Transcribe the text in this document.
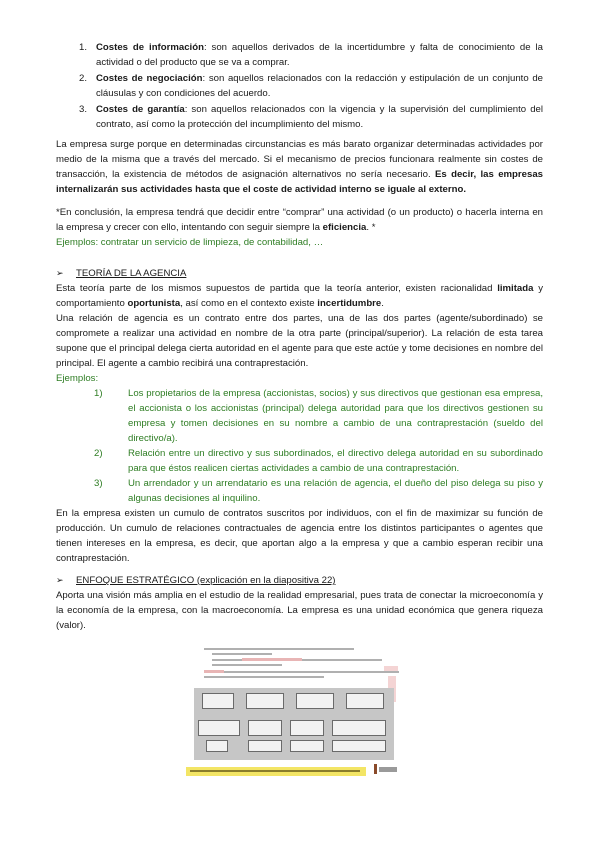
1. Costes de información: son aquellos derivados de la incertidumbre y falta de conocimiento de la actividad o del producto que se va a comprar.

2. Costes de negociación: son aquellos relacionados con la redacción y estipulación de un conjunto de cláusulas y con condiciones del acuerdo.

3. Costes de garantía: son aquellos relacionados con la vigencia y la supervisión del cumplimiento del contrato, así como la protección del incumplimiento del mismo.

La empresa surge porque en determinadas circunstancias es más barato organizar determinadas actividades por medio de la misma que a través del mercado. Si el mecanismo de precios funcionara realmente sin costes de transacción, la existencia de métodos de asignación alternativos no sería necesario. Es decir, las empresas internalizarán sus actividades hasta que el coste de actividad interno se iguale al externo.

*En conclusión, la empresa tendrá que decidir entre “comprar” una actividad (o un producto) o hacerla interna en la empresa y crecer con ello, intentando con seguir siempre la eficiencia. *

Ejemplos: contratar un servicio de limpieza, de contabilidad, …

➢	TEORÍA DE LA AGENCIA

Esta teoría parte de los mismos supuestos de partida que la teoría anterior, existen racionalidad limitada y comportamiento oportunista, así como en el contexto existe incertidumbre.

Una relación de agencia es un contrato entre dos partes, una de las dos partes (agente/subordinado) se compromete a realizar una actividad en nombre de la otra parte (principal/superior). La relación de esta tarea supone que el principal delega cierta autoridad en el agente para que este actúe y tome decisiones en nombre del principal. El agente a cambio recibirá una contraprestación.

Ejemplos:

1)	Los propietarios de la empresa (accionistas, socios) y sus directivos que gestionan esa empresa, el accionista o los accionistas (principal) delega autoridad para que los directivos gestionen su empresa y tomen decisiones en su nombre a cambio de una contraprestación (sueldo del directivo/a).

2)	Relación entre un directivo y sus subordinados, el directivo delega autoridad en su subordinado para que éstos realicen ciertas actividades a cambio de una contraprestación.

3)	Un arrendador y un arrendatario es una relación de agencia, el dueño del piso delega su piso y algunas decisiones al inquilino.

En la empresa existen un cumulo de contratos suscritos por individuos, con el fin de maximizar su función de producción. Un cumulo de relaciones contractuales de agencia entre los distintos participantes o agentes que tienen intereses en la empresa, es decir, que aportan algo a la empresa y que a cambio esperan recibir una contraprestación.

➢	ENFOQUE ESTRATÉGICO (explicación en la diapositiva 22)

Aporta una visión más amplia en el estudio de la realidad empresarial, pues trata de conectar la microeconomía y la economía de la empresa, con la macroeconomía. La empresa es una unidad económica que genera riqueza (valor).
